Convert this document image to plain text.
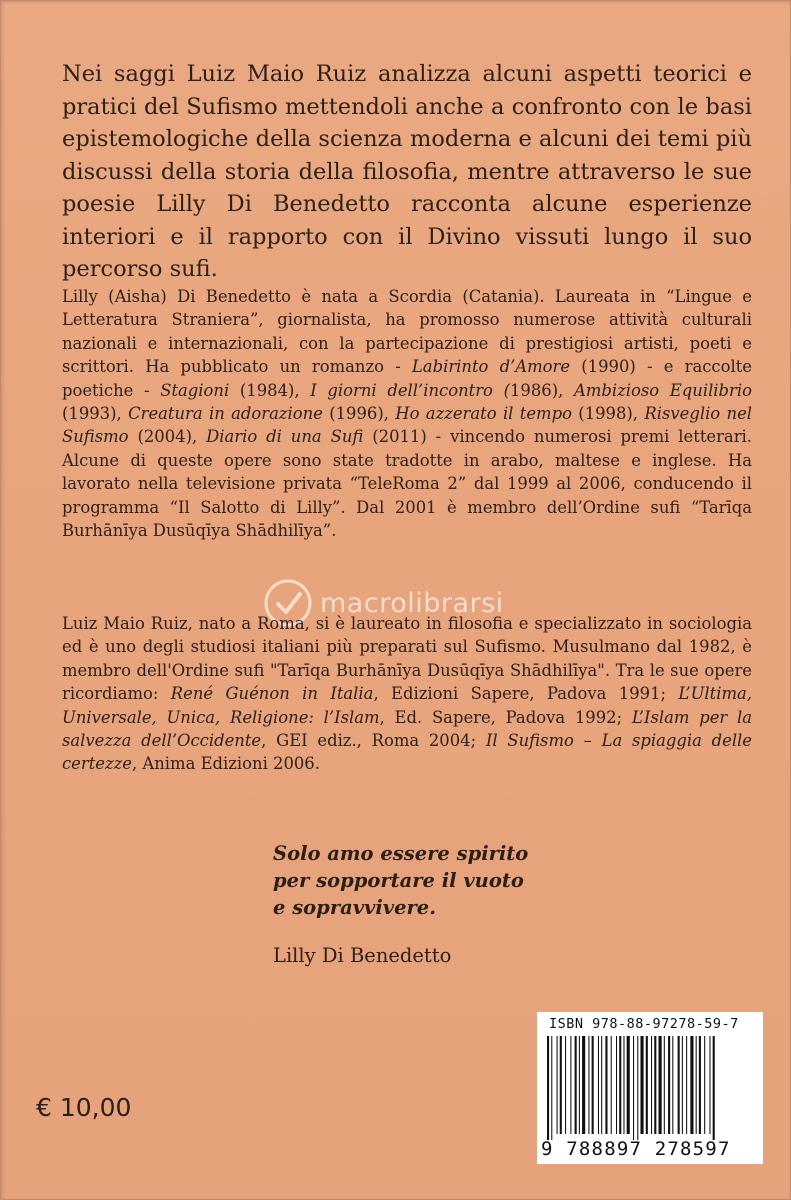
Nei saggi Luiz Maio Ruiz analizza alcuni aspetti teorici e pratici del Sufismo mettendoli anche a confronto con le basi epistemologiche della scienza moderna e alcuni dei temi più discussi della storia della filosofia, mentre attraverso le sue poesie Lilly Di Benedetto racconta alcune esperienze interiori e il rapporto con il Divino vissuti lungo il suo percorso sufi.

Lilly (Aisha) Di Benedetto è nata a Scordia (Catania). Laureata in “Lingue e Letteratura Straniera”, giornalista, ha promosso numerose attività culturali nazionali e internazionali, con la partecipazione di prestigiosi artisti, poeti e scrittori. Ha pubblicato un romanzo - Labirinto d’Amore (1990) - e raccolte poetiche - Stagioni (1984), I giorni dell’incontro (1986), Ambizioso Equilibrio (1993), Creatura in adorazione (1996), Ho azzerato il tempo (1998), Risveglio nel Sufismo (2004), Diario di una Sufi (2011) - vincendo numerosi premi letterari. Alcune di queste opere sono state tradotte in arabo, maltese e inglese. Ha lavorato nella televisione privata “TeleRoma 2” dal 1999 al 2006, conducendo il programma “Il Salotto di Lilly”. Dal 2001 è membro dell’Ordine sufi “Tarīqa Burhānīya Dusūqīya Shādhilīya”.

macrolibrarsi

Luiz Maio Ruiz, nato a Roma, si è laureato in filosofia e specializzato in sociologia ed è uno degli studiosi italiani più preparati sul Sufismo. Musulmano dal 1982, è membro dell'Ordine sufi "Tarīqa Burhānīya Dusūqīya Shādhilīya". Tra le sue opere ricordiamo: René Guénon in Italia, Edizioni Sapere, Padova 1991; L’Ultima, Universale, Unica, Religione: l’Islam, Ed. Sapere, Padova 1992; L’Islam per la salvezza dell’Occidente, GEI ediz., Roma 2004; Il Sufismo – La spiaggia delle certezze, Anima Edizioni 2006.

Solo amo essere spirito
per sopportare il vuoto
e sopravvivere.
Lilly Di Benedetto
€ 10,00
ISBN 978-88-97278-59-7
9 788897 278597
